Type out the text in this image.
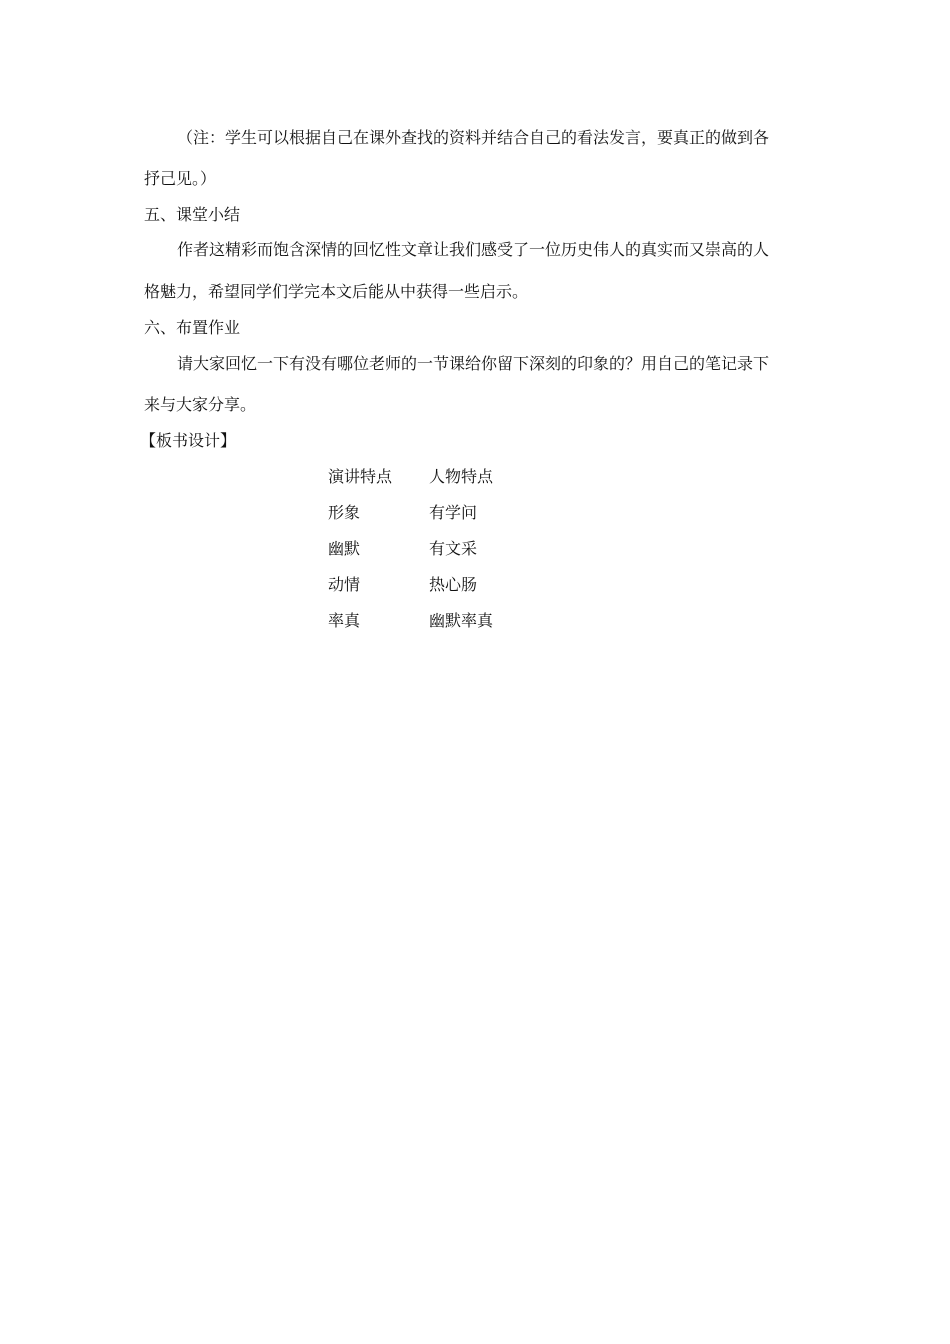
（注：学生可以根据自己在课外查找的资料并结合自己的看法发言，要真正的做到各
抒己见。）
五、课堂小结
作者这精彩而饱含深情的回忆性文章让我们感受了一位历史伟人的真实而又崇高的人
格魅力，希望同学们学完本文后能从中获得一些启示。
六、布置作业
请大家回忆一下有没有哪位老师的一节课给你留下深刻的印象的？用自己的笔记录下
来与大家分享。
【板书设计】
演讲特点 人物特点
形象	有学问
幽默	有文采
动情	热心肠
率真	幽默率真
